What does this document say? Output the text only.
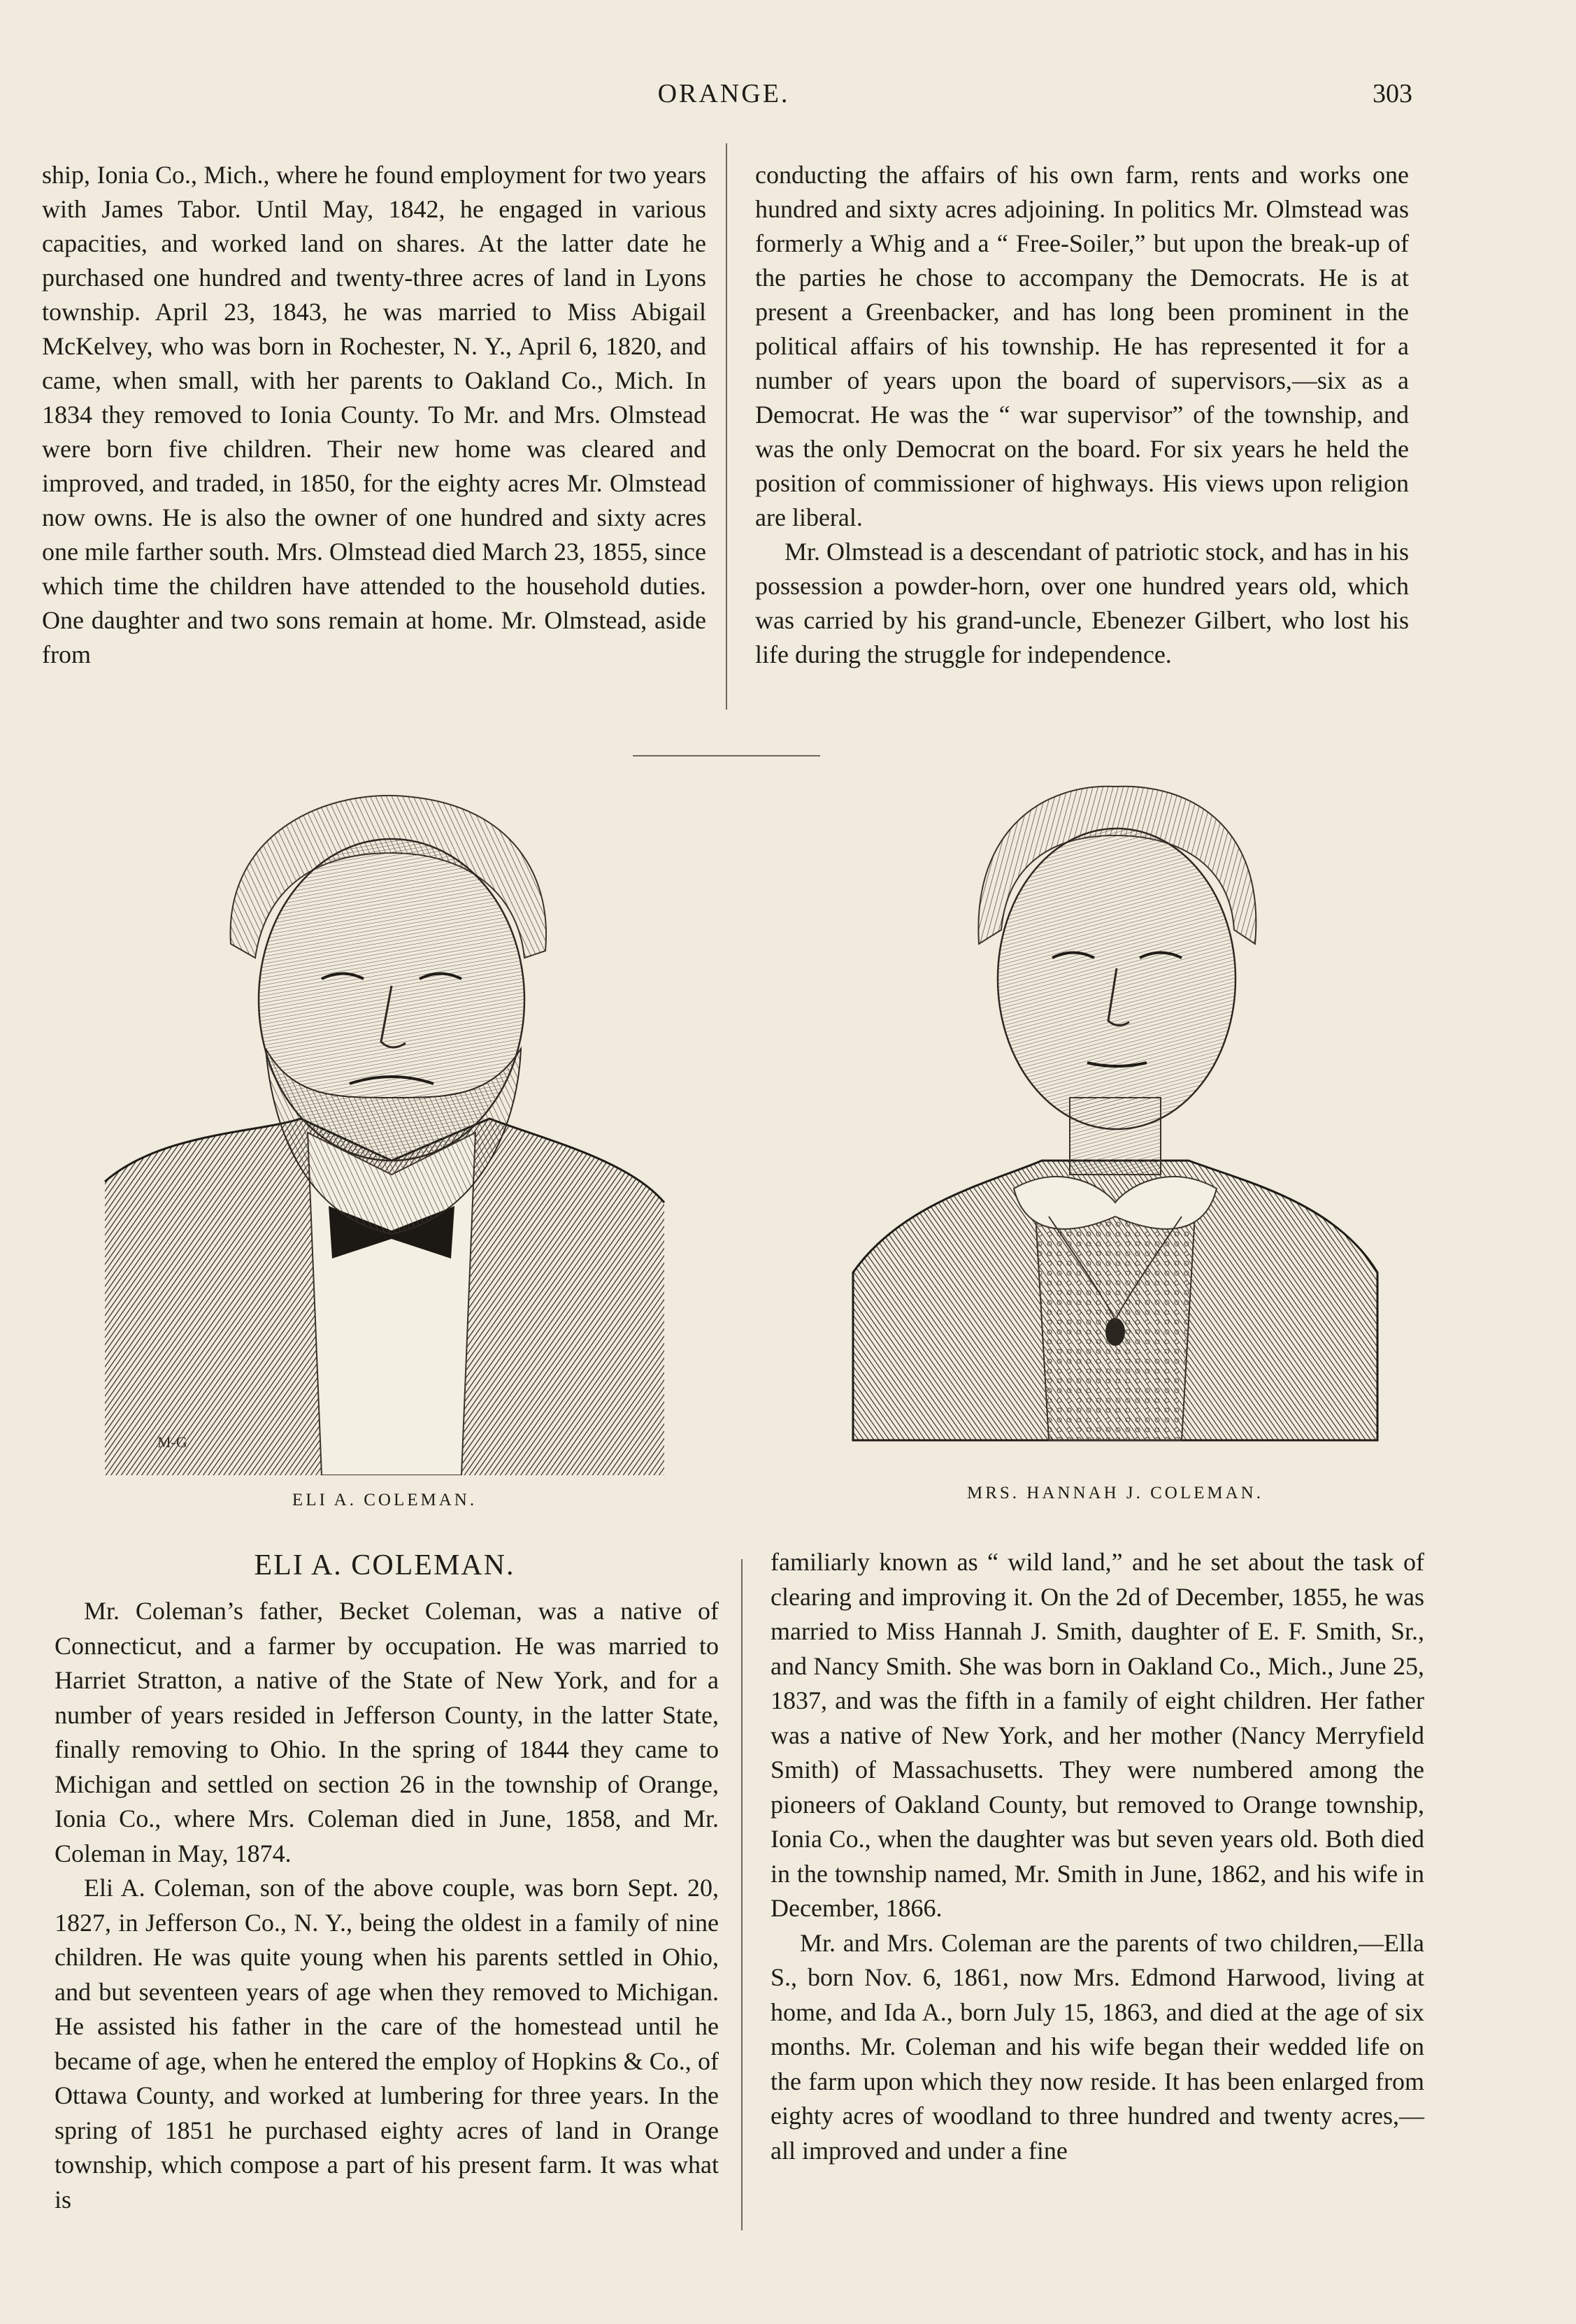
ORANGE.	303

ship, Ionia Co., Mich., where he found employment for two years with James Tabor. Until May, 1842, he engaged in various capacities, and worked land on shares. At the latter date he purchased one hundred and twenty-three acres of land in Lyons township. April 23, 1843, he was married to Miss Abigail McKelvey, who was born in Rochester, N. Y., April 6, 1820, and came, when small, with her parents to Oakland Co., Mich. In 1834 they removed to Ionia County. To Mr. and Mrs. Olmstead were born five children. Their new home was cleared and improved, and traded, in 1850, for the eighty acres Mr. Olmstead now owns. He is also the owner of one hundred and sixty acres one mile farther south. Mrs. Olmstead died March 23, 1855, since which time the children have attended to the household duties. One daughter and two sons remain at home. Mr. Olmstead, aside from

conducting the affairs of his own farm, rents and works one hundred and sixty acres adjoining. In politics Mr. Olmstead was formerly a Whig and a “ Free-Soiler,” but upon the break-up of the parties he chose to accompany the Democrats. He is at present a Greenbacker, and has long been prominent in the political affairs of his township. He has represented it for a number of years upon the board of supervisors,—six as a Democrat. He was the “ war supervisor” of the township, and was the only Democrat on the board. For six years he held the position of commissioner of highways. His views upon religion are liberal.

Mr. Olmstead is a descendant of patriotic stock, and has in his possession a powder-horn, over one hundred years old, which was carried by his grand-uncle, Ebenezer Gilbert, who lost his life during the struggle for independence.

M-G
ELI A. COLEMAN.	MRS. HANNAH J. COLEMAN.
ELI A. COLEMAN.

Mr. Coleman’s father, Becket Coleman, was a native of Connecticut, and a farmer by occupation. He was married to Harriet Stratton, a native of the State of New York, and for a number of years resided in Jefferson County, in the latter State, finally removing to Ohio. In the spring of 1844 they came to Michigan and settled on section 26 in the township of Orange, Ionia Co., where Mrs. Coleman died in June, 1858, and Mr. Coleman in May, 1874.

Eli A. Coleman, son of the above couple, was born Sept. 20, 1827, in Jefferson Co., N. Y., being the oldest in a family of nine children. He was quite young when his parents settled in Ohio, and but seventeen years of age when they removed to Michigan. He assisted his father in the care of the homestead until he became of age, when he entered the employ of Hopkins & Co., of Ottawa County, and worked at lumbering for three years. In the spring of 1851 he purchased eighty acres of land in Orange township, which compose a part of his present farm. It was what is

familiarly known as “ wild land,” and he set about the task of clearing and improving it. On the 2d of December, 1855, he was married to Miss Hannah J. Smith, daughter of E. F. Smith, Sr., and Nancy Smith. She was born in Oakland Co., Mich., June 25, 1837, and was the fifth in a family of eight children. Her father was a native of New York, and her mother (Nancy Merryfield Smith) of Massachusetts. They were numbered among the pioneers of Oakland County, but removed to Orange township, Ionia Co., when the daughter was but seven years old. Both died in the township named, Mr. Smith in June, 1862, and his wife in December, 1866.

Mr. and Mrs. Coleman are the parents of two children,—Ella S., born Nov. 6, 1861, now Mrs. Edmond Harwood, living at home, and Ida A., born July 15, 1863, and died at the age of six months. Mr. Coleman and his wife began their wedded life on the farm upon which they now reside. It has been enlarged from eighty acres of woodland to three hundred and twenty acres,—all improved and under a fine
